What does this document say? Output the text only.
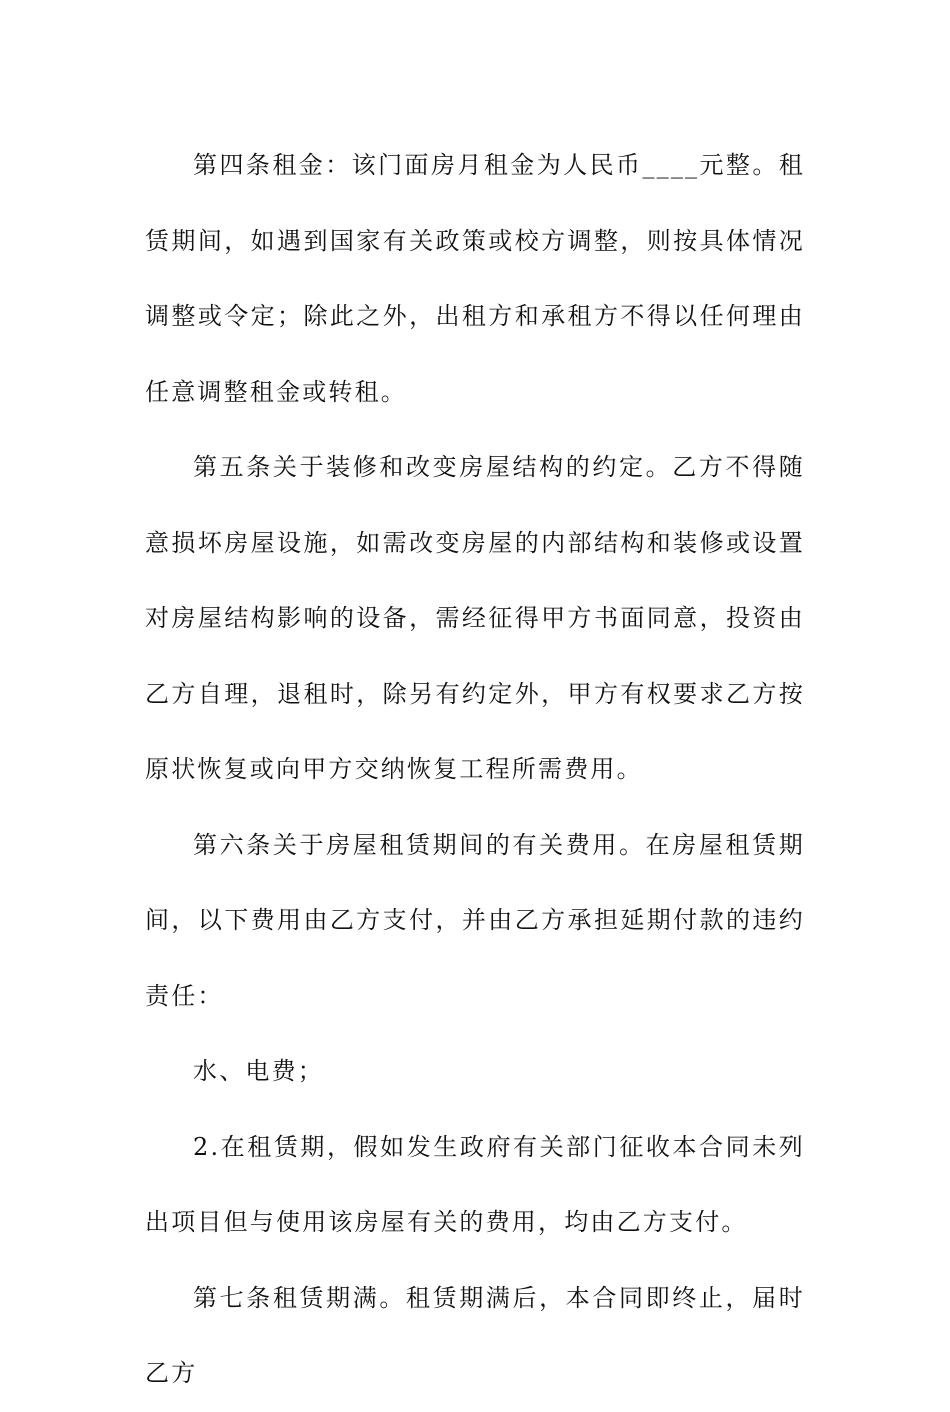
第四条租金：该门面房月租金为人民币____元整。租赁期间，如遇到国家有关政策或校方调整，则按具体情况调整或令定；除此之外，出租方和承租方不得以任何理由任意调整租金或转租。

第五条关于装修和改变房屋结构的约定。乙方不得随意损坏房屋设施，如需改变房屋的内部结构和装修或设置对房屋结构影响的设备，需经征得甲方书面同意，投资由乙方自理，退租时，除另有约定外，甲方有权要求乙方按原状恢复或向甲方交纳恢复工程所需费用。

第六条关于房屋租赁期间的有关费用。在房屋租赁期间，以下费用由乙方支付，并由乙方承担延期付款的违约责任：

水、电费；

2.在租赁期，假如发生政府有关部门征收本合同未列出项目但与使用该房屋有关的费用，均由乙方支付。

第七条租赁期满。租赁期满后，本合同即终止，届时乙方
